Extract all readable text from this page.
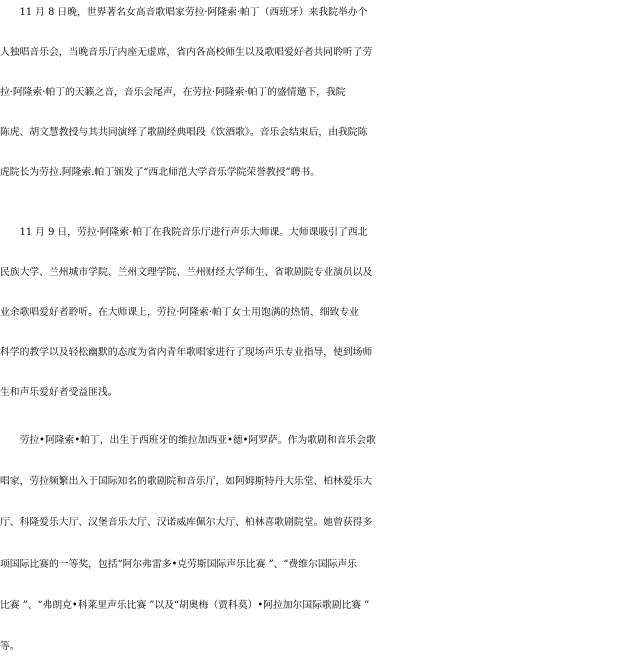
　　11 月 8 日晚，世界著名女高音歌唱家劳拉·阿隆索·帕丁（西班牙）来我院举办个
人独唱音乐会，当晚音乐厅内座无虚席，省内各高校师生以及歌唱爱好者共同聆听了劳
拉·阿隆索·帕丁的天籁之音，音乐会尾声，在劳拉·阿隆索·帕丁的盛情邀下，我院
陈虎、胡文慧教授与其共同演绎了歌剧经典唱段《饮酒歌》。音乐会结束后，由我院陈
虎院长为劳拉.阿隆索.帕丁颁发了“西北师范大学音乐学院荣誉教授”聘书。
　　11 月 9 日，劳拉·阿隆索·帕丁在我院音乐厅进行声乐大师课。大师课吸引了西北
民族大学、兰州城市学院、兰州文理学院、兰州财经大学师生、省歌剧院专业演员以及
业余歌唱爱好者聆听。在大师课上，劳拉·阿隆索·帕丁女士用饱满的热情、细致专业
科学的教学以及轻松幽默的态度为省内青年歌唱家进行了现场声乐专业指导，使到场师
生和声乐爱好者受益匪浅。
　　劳拉•阿隆索•帕丁，出生于西班牙的维拉加西亚•德•阿罗萨。作为歌剧和音乐会歌
唱家，劳拉频繁出入于国际知名的歌剧院和音乐厅，如阿姆斯特丹大乐堂、柏林爱乐大
厅、科隆爱乐大厅、汉堡音乐大厅、汉诺威库佩尔大厅、柏林喜歌剧院堂。她曾获得多
项国际比赛的一等奖，包括“阿尔弗雷多•克劳斯国际声乐比赛 ”、“费维尔国际声乐
比赛 ”、“弗朗克•科莱里声乐比赛 ”以及“胡奥梅（贾科莫）•阿拉加尔国际歌剧比赛 ”
等。
